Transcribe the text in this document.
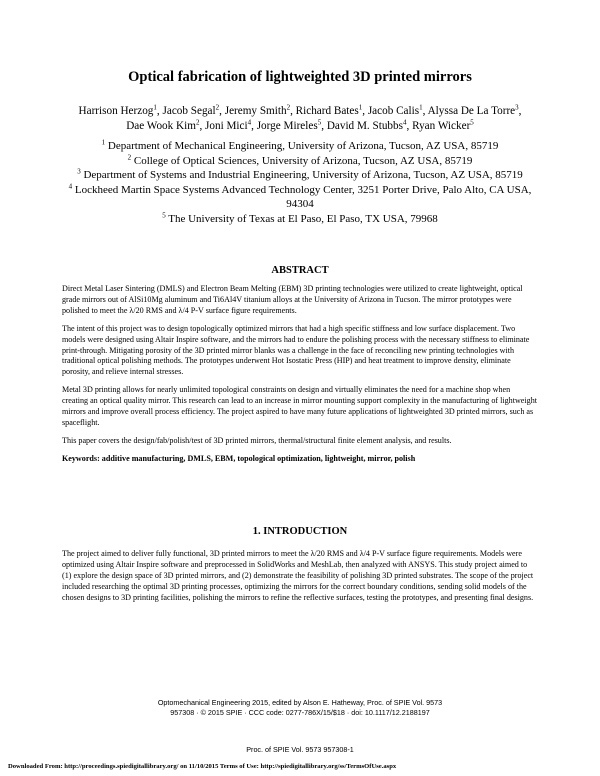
Optical fabrication of lightweighted 3D printed mirrors
Harrison Herzog$^1$, Jacob Segal$^2$, Jeremy Smith$^2$, Richard Bates$^1$, Jacob Calis$^1$, Alyssa De La Torre$^3$,
Dae Wook Kim$^2$, Joni Mici$^4$, Jorge Mireles$^5$, David M. Stubbs$^4$, Ryan Wicker$^5$
$^1$ Department of Mechanical Engineering, University of Arizona, Tucson, AZ USA, 85719
$^2$ College of Optical Sciences, University of Arizona, Tucson, AZ USA, 85719
$^3$ Department of Systems and Industrial Engineering, University of Arizona, Tucson, AZ USA, 85719
$^4$ Lockheed Martin Space Systems Advanced Technology Center, 3251 Porter Drive, Palo Alto, CA USA, 94304
$^5$ The University of Texas at El Paso, El Paso, TX USA, 79968
ABSTRACT

Direct Metal Laser Sintering (DMLS) and Electron Beam Melting (EBM) 3D printing technologies were utilized to create lightweight, optical grade mirrors out of AlSi10Mg aluminum and Ti6Al4V titanium alloys at the University of Arizona in Tucson. The mirror prototypes were polished to meet the λ/20 RMS and λ/4 P-V surface figure requirements.

The intent of this project was to design topologically optimized mirrors that had a high specific stiffness and low surface displacement. Two models were designed using Altair Inspire software, and the mirrors had to endure the polishing process with the necessary stiffness to eliminate print-through. Mitigating porosity of the 3D printed mirror blanks was a challenge in the face of reconciling new printing technologies with traditional optical polishing methods. The prototypes underwent Hot Isostatic Press (HIP) and heat treatment to improve density, eliminate porosity, and relieve internal stresses.

Metal 3D printing allows for nearly unlimited topological constraints on design and virtually eliminates the need for a machine shop when creating an optical quality mirror. This research can lead to an increase in mirror mounting support complexity in the manufacturing of lightweight mirrors and improve overall process efficiency. The project aspired to have many future applications of lightweighted 3D printed mirrors, such as spaceflight.

This paper covers the design/fab/polish/test of 3D printed mirrors, thermal/structural finite element analysis, and results.

Keywords: additive manufacturing, DMLS, EBM, topological optimization, lightweight, mirror, polish

1. INTRODUCTION

The project aimed to deliver fully functional, 3D printed mirrors to meet the λ/20 RMS and λ/4 P-V surface figure requirements. Models were optimized using Altair Inspire software and preprocessed in SolidWorks and MeshLab, then analyzed with ANSYS. This study project aimed to (1) explore the design space of 3D printed mirrors, and (2) demonstrate the feasibility of polishing 3D printed substrates. The scope of the project included researching the optimal 3D printing processes, optimizing the mirrors for the correct boundary conditions, sending solid models of the chosen designs to 3D printing facilities, polishing the mirrors to refine the reflective surfaces, testing the prototypes, and presenting final designs.

Optomechanical Engineering 2015, edited by Alson E. Hatheway, Proc. of SPIE Vol. 9573
957308 · © 2015 SPIE · CCC code: 0277-786X/15/$18 · doi: 10.1117/12.2188197
Proc. of SPIE Vol. 9573 957308-1
Downloaded From: http://proceedings.spiedigitallibrary.org/ on 11/10/2015 Terms of Use: http://spiedigitallibrary.org/ss/TermsOfUse.aspx
